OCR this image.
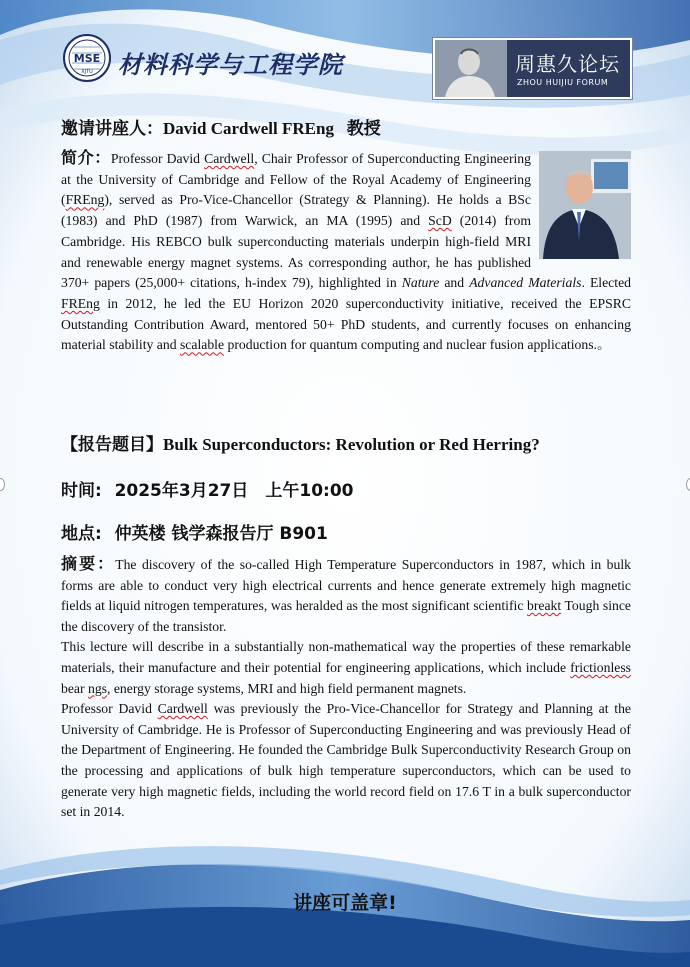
MSE
XJTU 材料科学与工程学院	周惠久论坛
ZHOU HUIJIU FORUM
邀请讲座人：David Cardwell FREng 教授
简介：Professor David Cardwell, Chair Professor of Superconducting Engineering at the University of Cambridge and Fellow of the Royal Academy of Engineering (FREng), served as Pro-Vice-Chancellor (Strategy & Planning). He holds a BSc (1983) and PhD (1987) from Warwick, an MA (1995) and ScD (2014) from Cambridge. His REBCO bulk superconducting materials underpin high-field MRI and renewable energy magnet systems. As corresponding author, he has published 370+ papers (25,000+ citations, h-index 79), highlighted in Nature and Advanced Materials. Elected FREng in 2012, he led the EU Horizon 2020 superconductivity initiative, received the EPSRC Outstanding Contribution Award, mentored 50+ PhD students, and currently focuses on enhancing material stability and scalable production for quantum computing and nuclear fusion applications.。
【报告题目】Bulk Superconductors: Revolution or Red Herring?
时间: 2025年3月27日　上午10:00
地点: 仲英楼 钱学森报告厅 B901

摘要：The discovery of the so-called High Temperature Superconductors in 1987, which in bulk forms are able to conduct very high electrical currents and hence generate extremely high magnetic fields at liquid nitrogen temperatures, was heralded as the most significant scientific breakt Tough since the discovery of the transistor.

This lecture will describe in a substantially non-mathematical way the properties of these remarkable materials, their manufacture and their potential for engineering applications, which include frictionless bear ngs, energy storage systems, MRI and high field permanent magnets.

Professor David Cardwell was previously the Pro-Vice-Chancellor for Strategy and Planning at the University of Cambridge. He is Professor of Superconducting Engineering and was previously Head of the Department of Engineering. He founded the Cambridge Bulk Superconductivity Research Group on the processing and applications of bulk high temperature superconductors, which can be used to generate very high magnetic fields, including the world record field on 17.6 T in a bulk superconductor set in 2014.

讲座可盖章!
